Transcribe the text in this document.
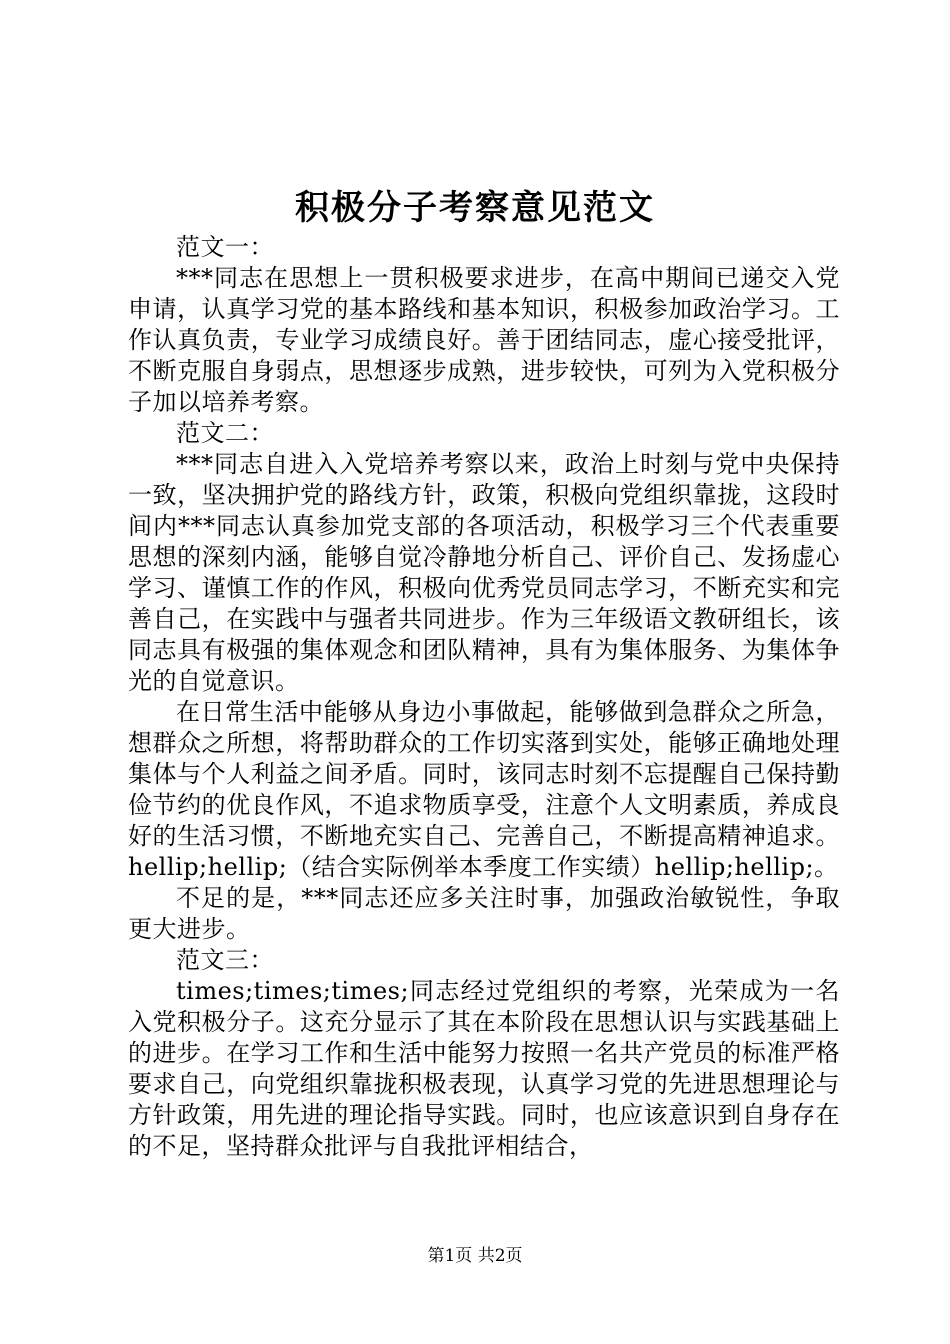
积极分子考察意见范文

范文一：

***同志在思想上一贯积极要求进步，在高中期间已递交入党申请，认真学习党的基本路线和基本知识，积极参加政治学习。工作认真负责，专业学习成绩良好。善于团结同志，虚心接受批评，不断克服自身弱点，思想逐步成熟，进步较快，可列为入党积极分子加以培养考察。

范文二：

***同志自进入入党培养考察以来，政治上时刻与党中央保持一致，坚决拥护党的路线方针，政策，积极向党组织靠拢，这段时间内***同志认真参加党支部的各项活动，积极学习三个代表重要思想的深刻内涵，能够自觉冷静地分析自己、评价自己、发扬虚心学习、谨慎工作的作风，积极向优秀党员同志学习，不断充实和完善自己，在实践中与强者共同进步。作为三年级语文教研组长，该同志具有极强的集体观念和团队精神，具有为集体服务、为集体争光的自觉意识。

在日常生活中能够从身边小事做起，能够做到急群众之所急，想群众之所想，将帮助群众的工作切实落到实处，能够正确地处理集体与个人利益之间矛盾。同时，该同志时刻不忘提醒自己保持勤俭节约的优良作风，不追求物质享受，注意个人文明素质，养成良好的生活习惯，不断地充实自己、完善自己，不断提高精神追求。hellip;hellip;（结合实际例举本季度工作实绩）hellip;hellip;。

不足的是，***同志还应多关注时事，加强政治敏锐性，争取更大进步。

范文三：

times;times;times;同志经过党组织的考察，光荣成为一名入党积极分子。这充分显示了其在本阶段在思想认识与实践基础上的进步。在学习工作和生活中能努力按照一名共产党员的标准严格要求自己，向党组织靠拢积极表现，认真学习党的先进思想理论与方针政策，用先进的理论指导实践。同时，也应该意识到自身存在的不足，坚持群众批评与自我批评相结合，

第1页 共2页
